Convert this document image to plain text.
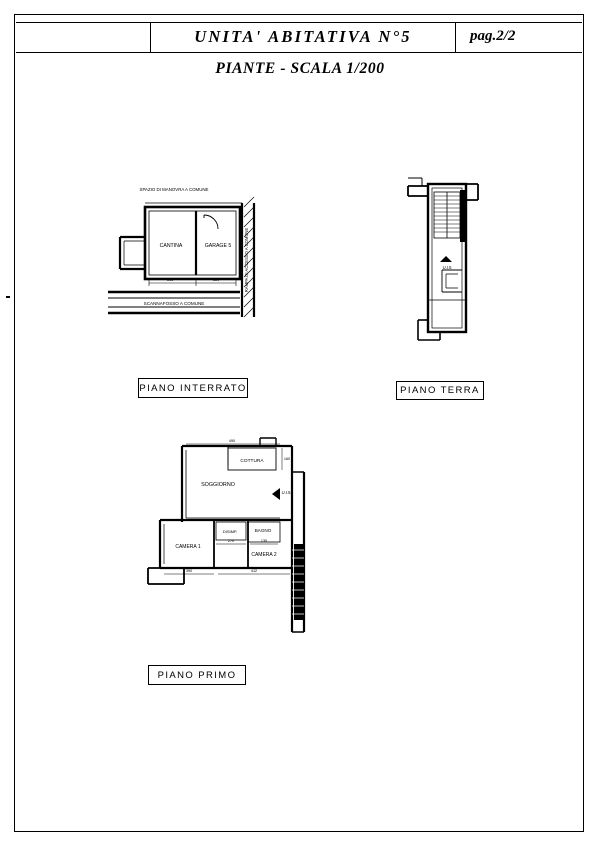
UNITA' ABITATIVA N°5	pag.2/2
PIANTE - SCALA 1/200
SPAZIO DI MANOVRA A COMUNE
CANTINA	GARAGE 5
SCANNAFOSSO A COMUNE
RAMPA DI ACCESSO A COMUNE
311	389
PIANO INTERRATO
U.I.5
PIANO TERRA
COTTURA
SOGGIORNO
BAGNO
DISIMP.
CAMERA 1
CAMERA 2
490
160
270	135
390	412
U.I.5
PIANO PRIMO
